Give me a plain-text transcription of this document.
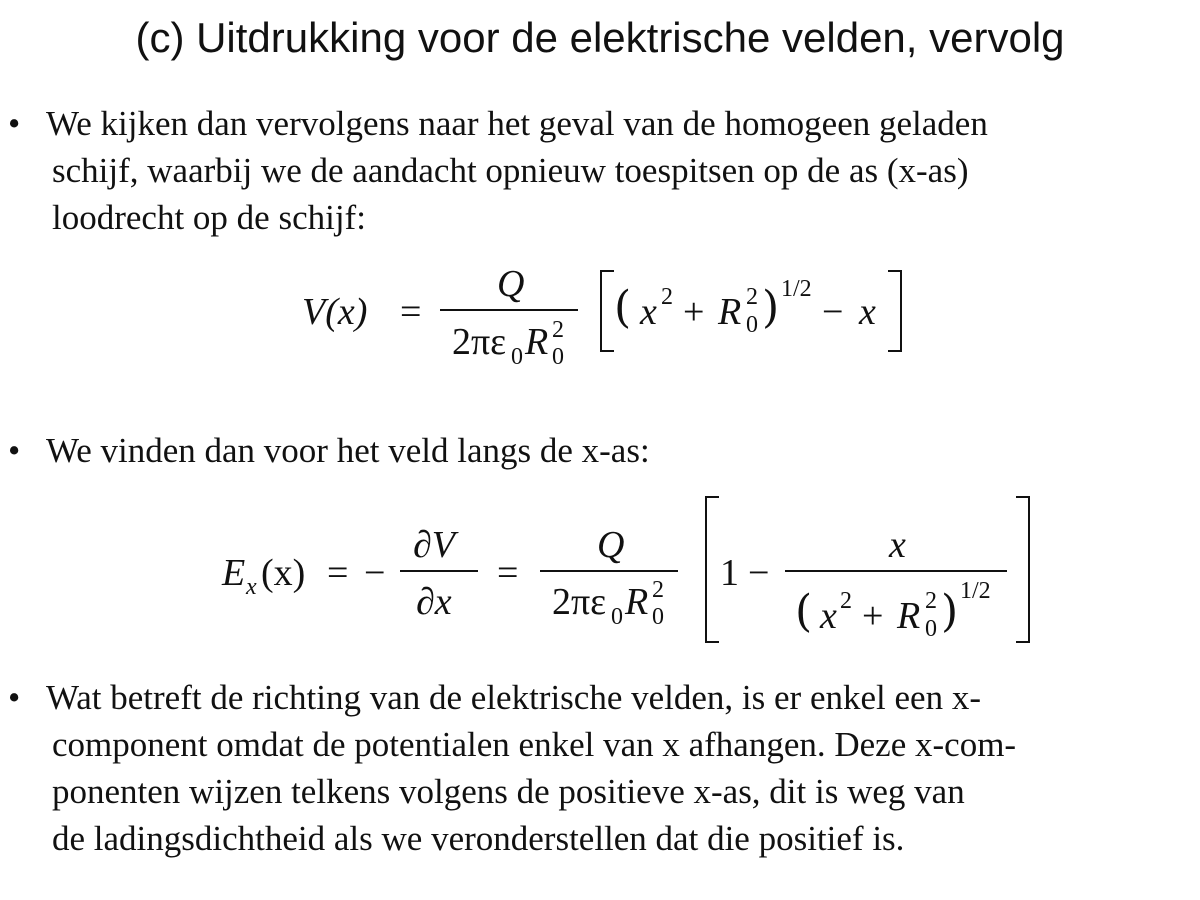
(c) Uitdrukking voor de elektrische velden, vervolg
• We kijken dan vervolgens naar het geval van de homogeen geladen
schijf, waarbij we de aandacht opnieuw toespitsen op de as (x-as)
loodrecht op de schijf:
V(x) =
Q
2πε 0 R 2
0
( x 2 + R 2
0 ) 1/2
− x
• We vinden dan voor het veld langs de x-as:
E x (x) = −
∂V
∂x
=
Q
2πε 0 R 2
0
1 −
x
( x 2 + R 2
0 ) 1/2
• Wat betreft de richting van de elektrische velden, is er enkel een x-
component omdat de potentialen enkel van x afhangen. Deze x-com-
ponenten wijzen telkens volgens de positieve x-as, dit is weg van
de ladingsdichtheid als we veronderstellen dat die positief is.
